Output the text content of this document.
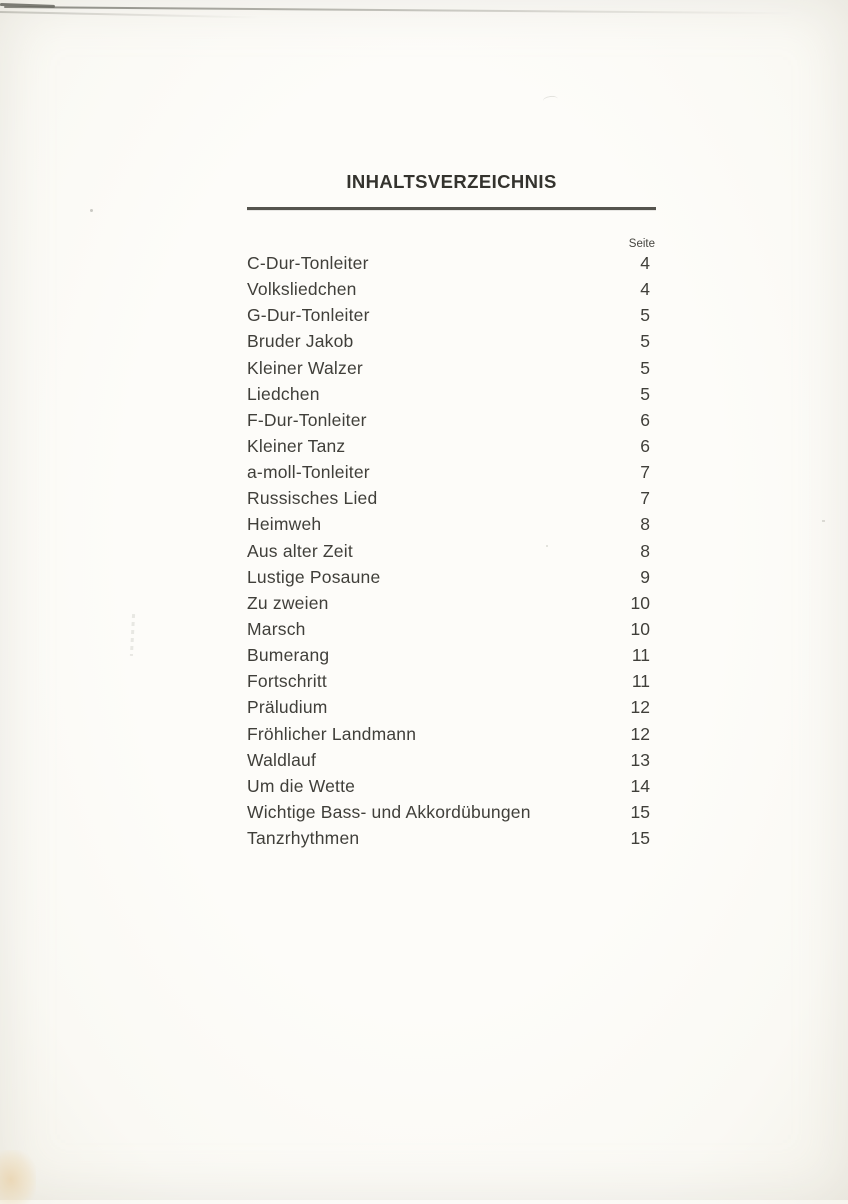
INHALTSVERZEICHNIS
Seite
C-Dur-Tonleiter	4
Volksliedchen	4
G-Dur-Tonleiter	5
Bruder Jakob	5
Kleiner Walzer	5
Liedchen	5
F-Dur-Tonleiter	6
Kleiner Tanz	6
a-moll-Tonleiter	7
Russisches Lied	7
Heimweh	8
Aus alter Zeit	8
Lustige Posaune	9
Zu zweien	10
Marsch	10
Bumerang	11
Fortschritt	11
Präludium	12
Fröhlicher Landmann	12
Waldlauf	13
Um die Wette	14
Wichtige Bass- und Akkordübungen	15
Tanzrhythmen	15
